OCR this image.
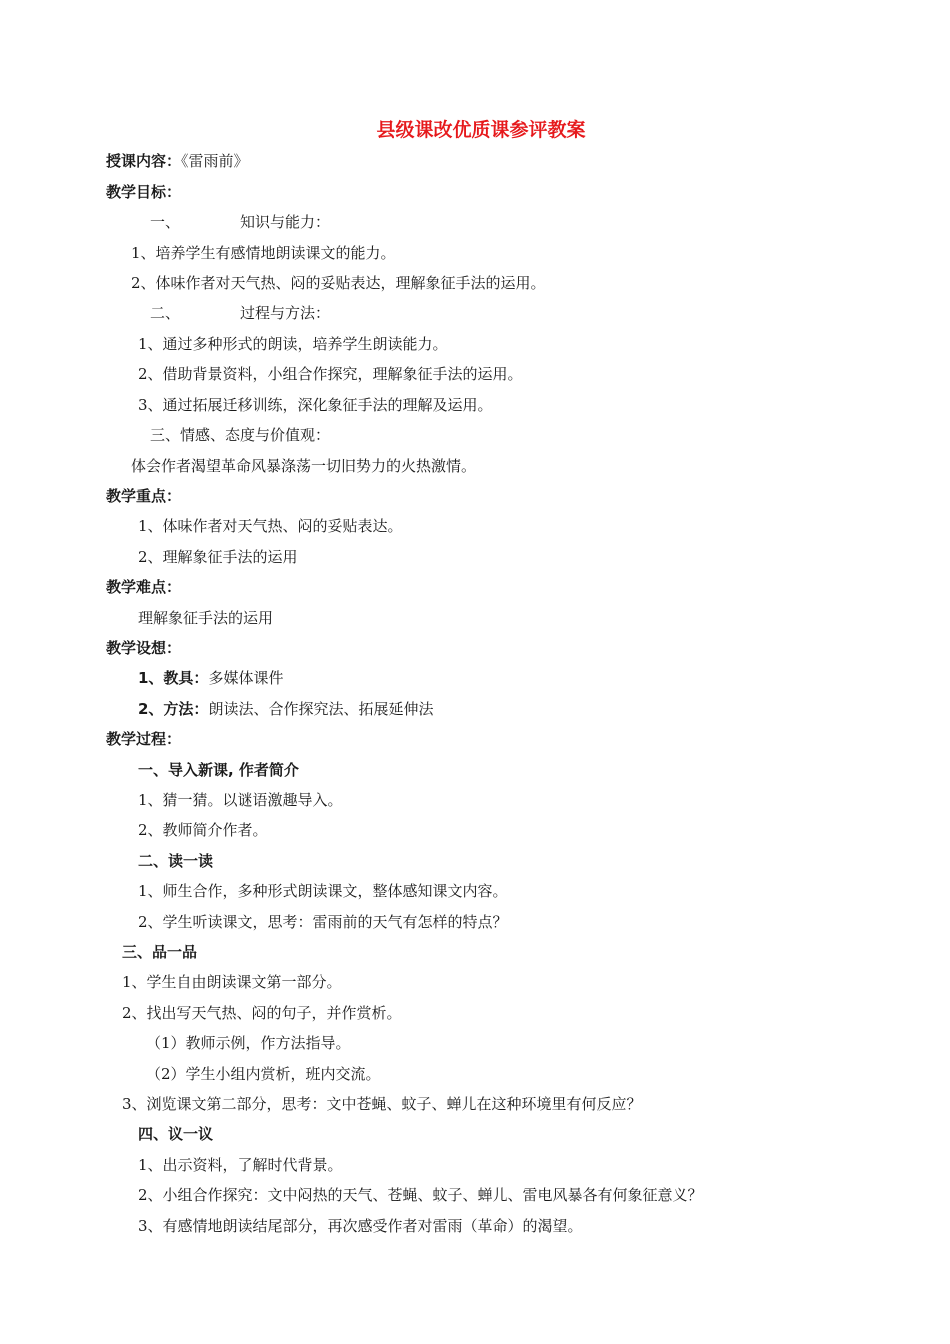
县级课改优质课参评教案
授课内容：《雷雨前》
教学目标：
一、	知识与能力：
1、培养学生有感情地朗读课文的能力。
2、体味作者对天气热、闷的妥贴表达，理解象征手法的运用。
二、	过程与方法：
1、通过多种形式的朗读，培养学生朗读能力。
2、借助背景资料，小组合作探究，理解象征手法的运用。
3、通过拓展迁移训练，深化象征手法的理解及运用。
三、情感、态度与价值观：
体会作者渴望革命风暴涤荡一切旧势力的火热激情。
教学重点：
1、体味作者对天气热、闷的妥贴表达。
2、理解象征手法的运用
教学难点：
理解象征手法的运用
教学设想：
1、教具：多媒体课件
2、方法：朗读法、合作探究法、拓展延伸法
教学过程：
一、导入新课, 作者简介
1、猜一猜。以谜语激趣导入。
2、教师简介作者。
二、读一读
1、师生合作，多种形式朗读课文，整体感知课文内容。
2、学生听读课文，思考：雷雨前的天气有怎样的特点？
三、品一品
1、学生自由朗读课文第一部分。
2、找出写天气热、闷的句子，并作赏析。
（1）教师示例，作方法指导。
（2）学生小组内赏析，班内交流。
3、浏览课文第二部分，思考：文中苍蝇、蚊子、蝉儿在这种环境里有何反应？
四、议一议
1、出示资料，了解时代背景。
2、小组合作探究：文中闷热的天气、苍蝇、蚊子、蝉儿、雷电风暴各有何象征意义？
3、有感情地朗读结尾部分，再次感受作者对雷雨（革命）的渴望。
